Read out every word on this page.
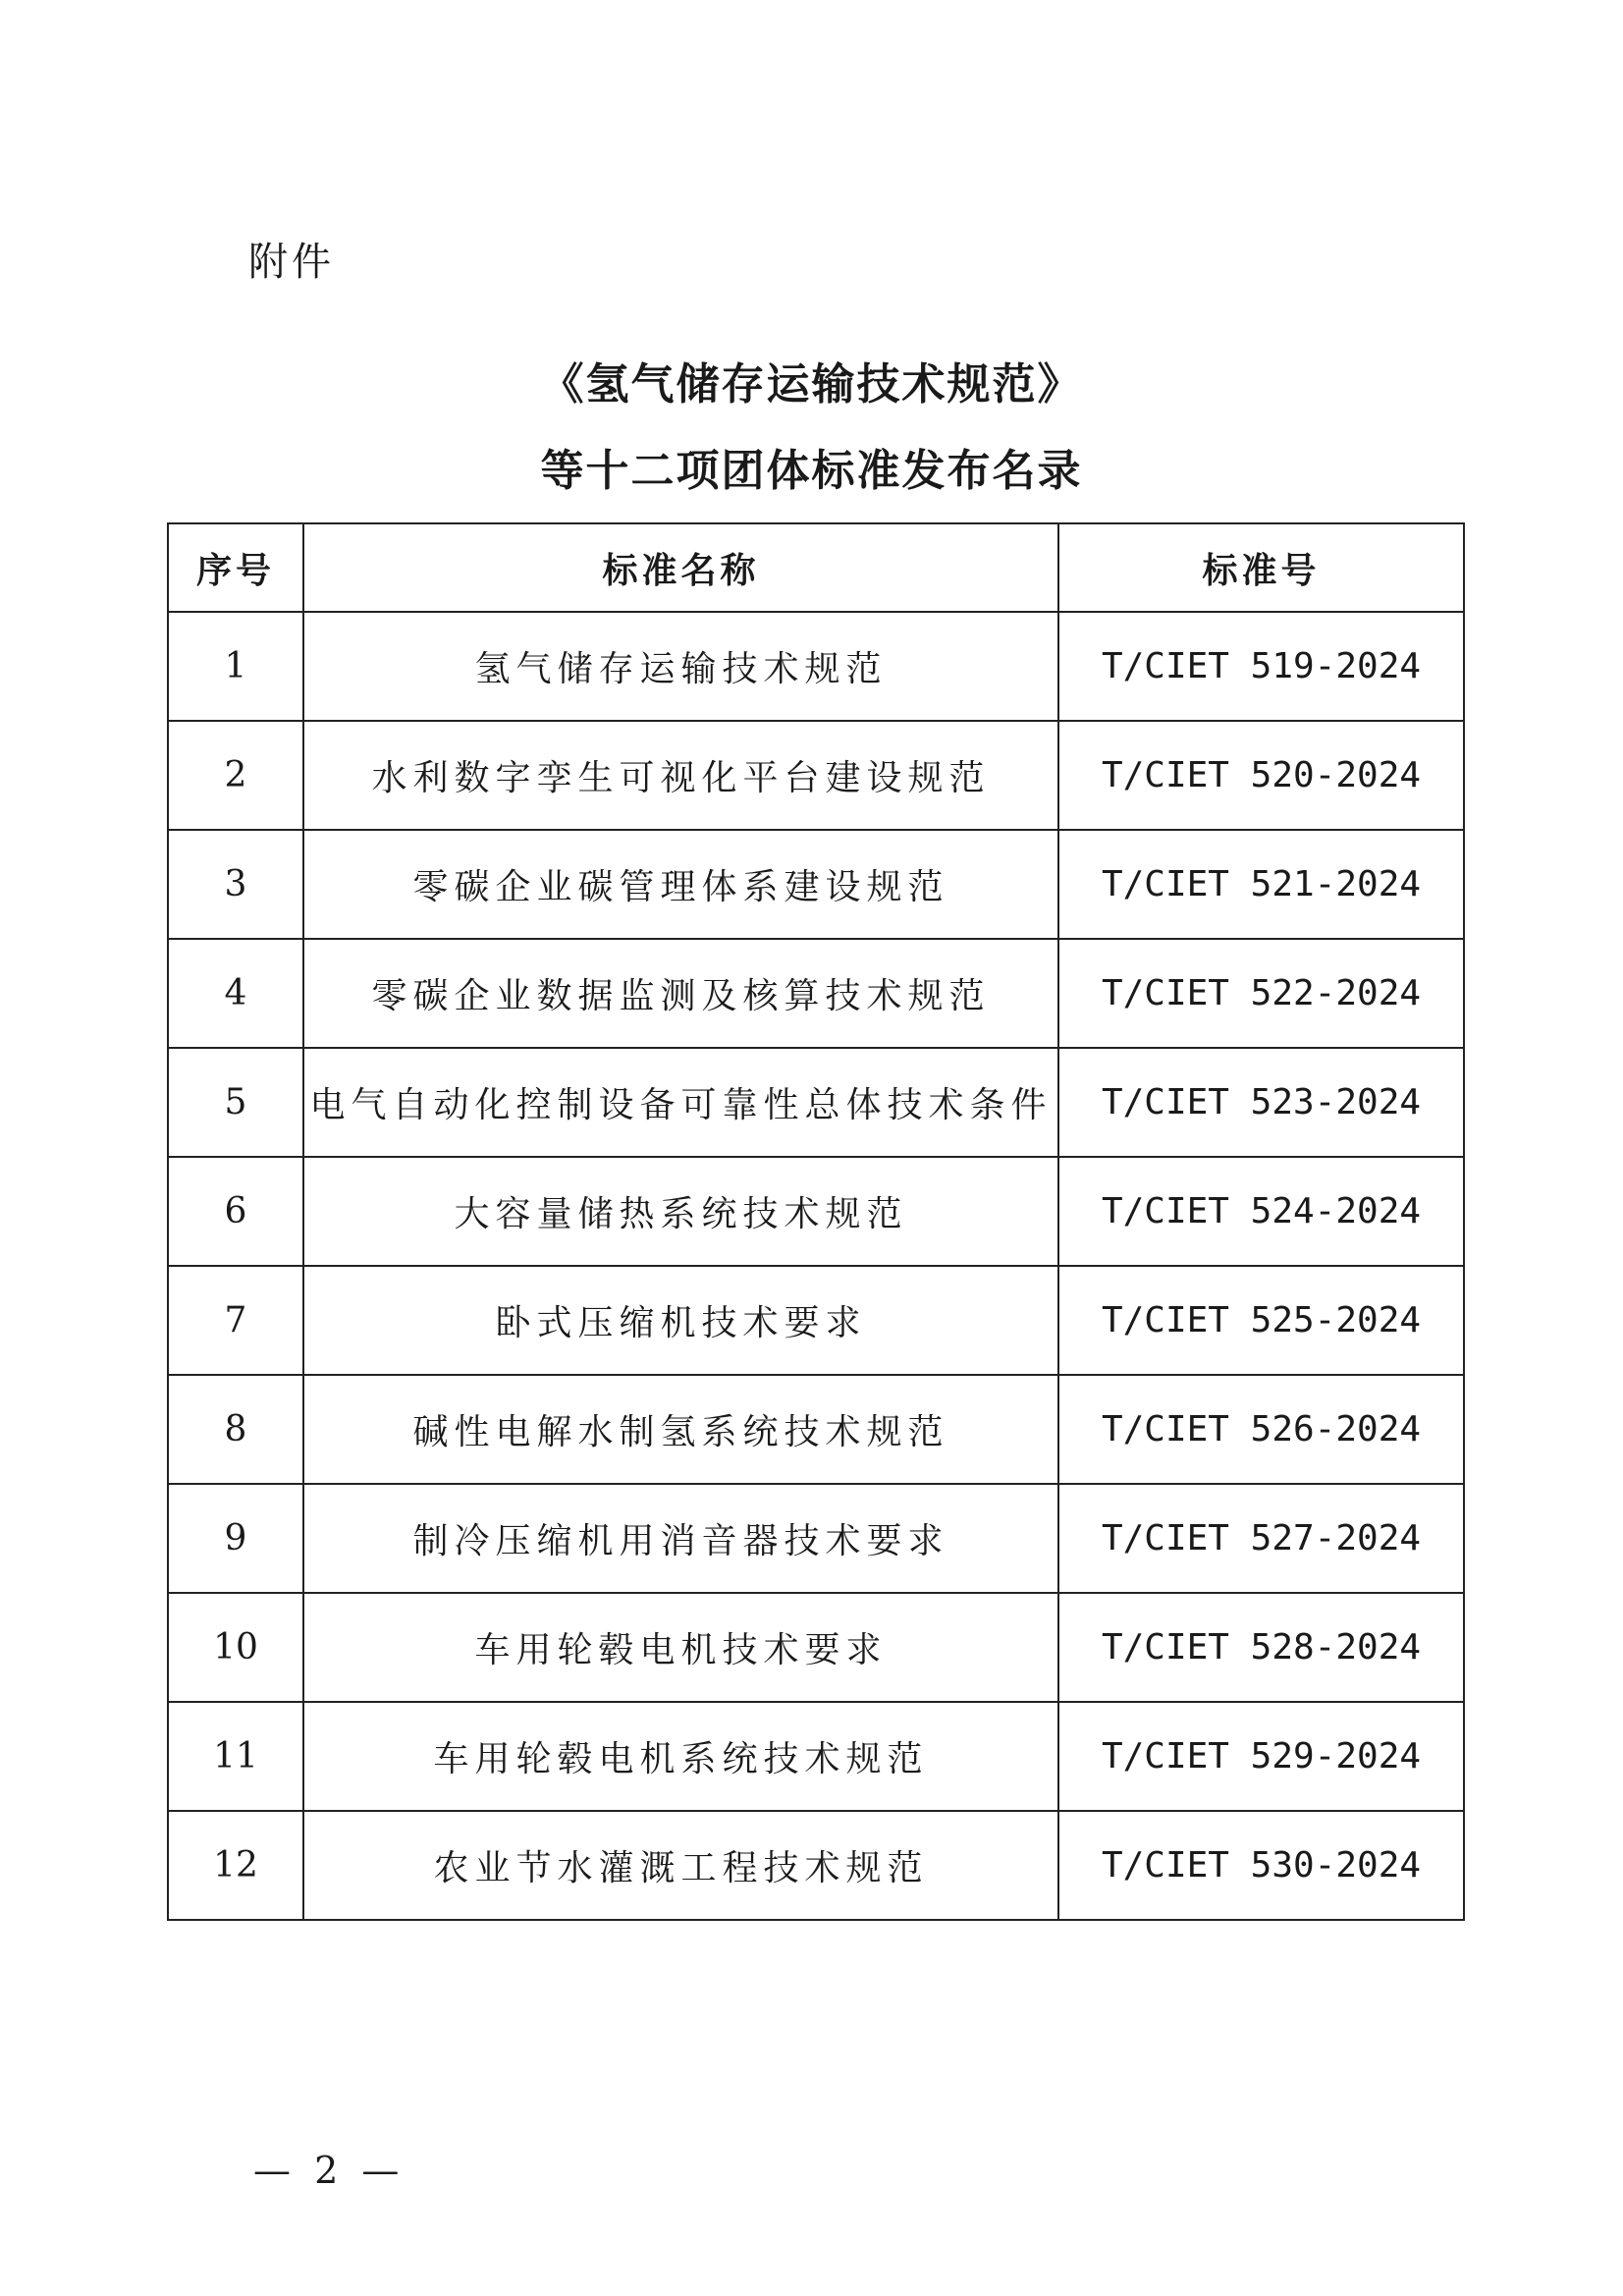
附件
《氢气储存运输技术规范》
等十二项团体标准发布名录
序号	标准名称	标准号
1	氢气储存运输技术规范	T/CIET 519-2024
2	水利数字孪生可视化平台建设规范	T/CIET 520-2024
3	零碳企业碳管理体系建设规范	T/CIET 521-2024
4	零碳企业数据监测及核算技术规范	T/CIET 522-2024
5	电气自动化控制设备可靠性总体技术条件	T/CIET 523-2024
6	大容量储热系统技术规范	T/CIET 524-2024
7	卧式压缩机技术要求	T/CIET 525-2024
8	碱性电解水制氢系统技术规范	T/CIET 526-2024
9	制冷压缩机用消音器技术要求	T/CIET 527-2024
10	车用轮毂电机技术要求	T/CIET 528-2024
11	车用轮毂电机系统技术规范	T/CIET 529-2024
12	农业节水灌溉工程技术规范	T/CIET 530-2024
— 2 —
